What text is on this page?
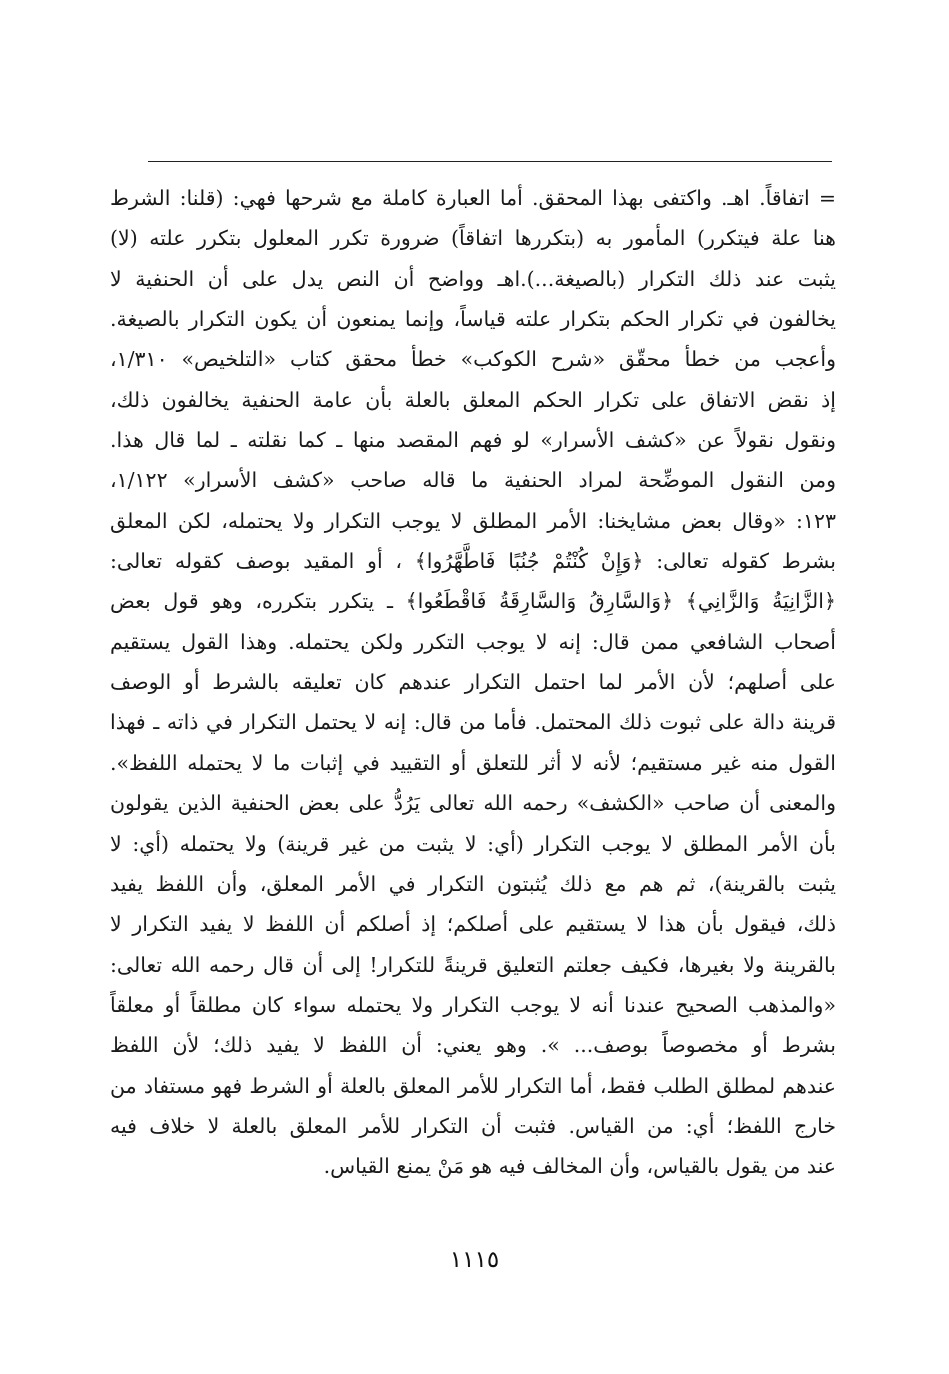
= اتفاقاً. اهـ. واكتفى بهذا المحقق. أما العبارة كاملة مع شرحها فهي: (قلنا: الشرط
هنا علة فيتكرر) المأمور به (بتكررها اتفاقاً) ضرورة تكرر المعلول بتكرر علته (لا)
يثبت عند ذلك التكرار (بالصيغة...).اهـ وواضح أن النص يدل على أن الحنفية لا
يخالفون في تكرار الحكم بتكرار علته قياساً، وإنما يمنعون أن يكون التكرار بالصيغة.
وأعجب من خطأ محقّق «شرح الكوكب» خطأ محقق كتاب «التلخيص» ١/٣١٠،
إذ نقض الاتفاق على تكرار الحكم المعلق بالعلة بأن عامة الحنفية يخالفون ذلك،
ونقول نقولاً عن «كشف الأسرار» لو فهم المقصد منها ـ كما نقلته ـ لما قال هذا.
ومن النقول الموضِّحة لمراد الحنفية ما قاله صاحب «كشف الأسرار» ١/١٢٢،
١٢٣: «وقال بعض مشايخنا: الأمر المطلق لا يوجب التكرار ولا يحتمله، لكن المعلق
بشرط كقوله تعالى: ﴿وَإِنْ كُنْتُمْ جُنُبًا فَاطَّهَّرُوا﴾ ، أو المقيد بوصف كقوله تعالى:
﴿الزَّانِيَةُ وَالزَّانِي﴾ ﴿وَالسَّارِقُ وَالسَّارِقَةُ فَاقْطَعُوا﴾ ـ يتكرر بتكرره، وهو قول بعض
أصحاب الشافعي ممن قال: إنه لا يوجب التكرر ولكن يحتمله. وهذا القول يستقيم
على أصلهم؛ لأن الأمر لما احتمل التكرار عندهم كان تعليقه بالشرط أو الوصف
قرينة دالة على ثبوت ذلك المحتمل. فأما من قال: إنه لا يحتمل التكرار في ذاته ـ فهذا
القول منه غير مستقيم؛ لأنه لا أثر للتعلق أو التقييد في إثبات ما لا يحتمله اللفظ».
والمعنى أن صاحب «الكشف» رحمه الله تعالى يَرُدُّ على بعض الحنفية الذين يقولون
بأن الأمر المطلق لا يوجب التكرار (أي: لا يثبت من غير قرينة) ولا يحتمله (أي: لا
يثبت بالقرينة)، ثم هم مع ذلك يُثبتون التكرار في الأمر المعلق، وأن اللفظ يفيد
ذلك، فيقول بأن هذا لا يستقيم على أصلكم؛ إذ أصلكم أن اللفظ لا يفيد التكرار لا
بالقرينة ولا بغيرها، فكيف جعلتم التعليق قرينةً للتكرار! إلى أن قال رحمه الله تعالى:
«والمذهب الصحيح عندنا أنه لا يوجب التكرار ولا يحتمله سواء كان مطلقاً أو معلقاً
بشرط أو مخصوصاً بوصف... ». وهو يعني: أن اللفظ لا يفيد ذلك؛ لأن اللفظ
عندهم لمطلق الطلب فقط، أما التكرار للأمر المعلق بالعلة أو الشرط فهو مستفاد من
خارج اللفظ؛ أي: من القياس. فثبت أن التكرار للأمر المعلق بالعلة لا خلاف فيه
عند من يقول بالقياس، وأن المخالف فيه هو مَنْ يمنع القياس.
١١١٥
